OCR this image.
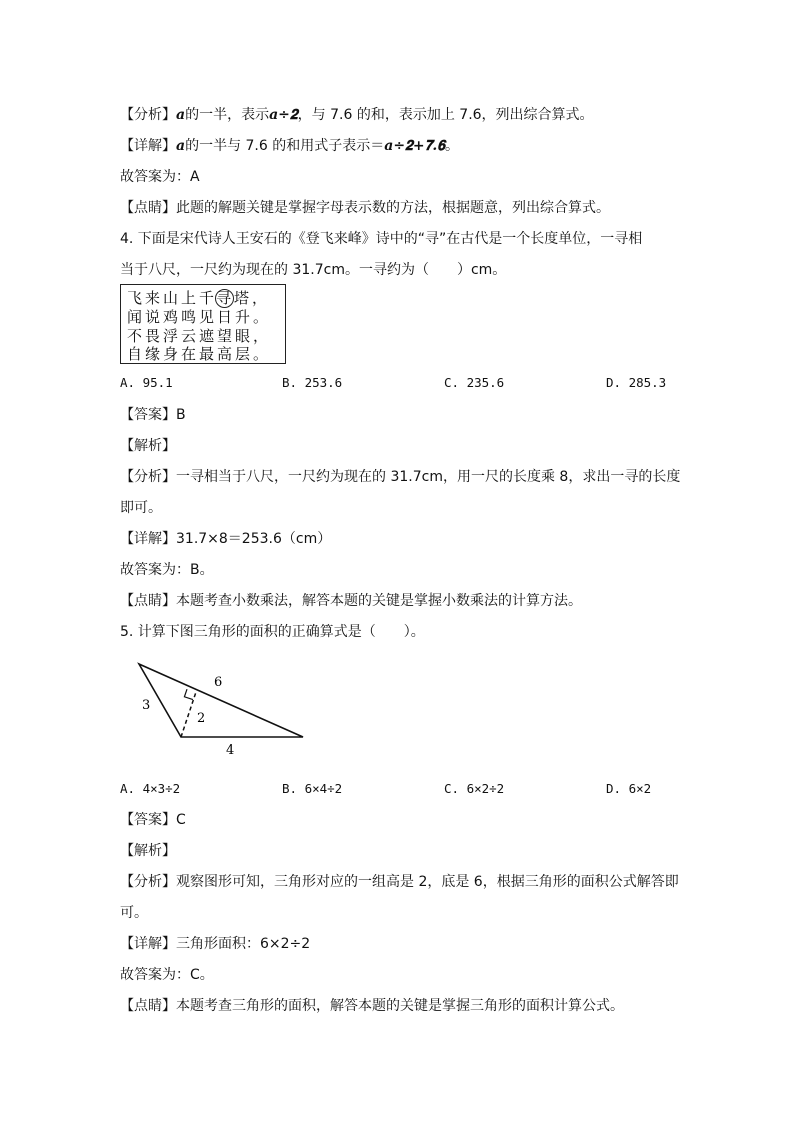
【分析】𝒂的一半，表示𝒂÷𝟐，与 7.6 的和，表示加上 7.6，列出综合算式。
【详解】𝒂的一半与 7.6 的和用式子表示＝𝒂÷𝟐+𝟕.𝟔。
故答案为：A
【点睛】此题的解题关键是掌握字母表示数的方法，根据题意，列出综合算式。
4. 下面是宋代诗人王安石的《登飞来峰》诗中的“寻”在古代是一个长度单位，一寻相
当于八尺，一尺约为现在的 31.7cm。一寻约为（　　）cm。
飞来山上千寻塔，
闻说鸡鸣见日升。
不畏浮云遮望眼，
自缘身在最高层。
A. 95.1	B. 253.6	C. 235.6	D. 285.3
【答案】B
【解析】
【分析】一寻相当于八尺，一尺约为现在的 31.7cm，用一尺的长度乘 8，求出一寻的长度
即可。
【详解】31.7×8＝253.6（cm）
故答案为：B。
【点睛】本题考查小数乘法，解答本题的关键是掌握小数乘法的计算方法。
5. 计算下图三角形的面积的正确算式是（　　）。
3
6
2
4
A. 4×3÷2	B. 6×4÷2	C. 6×2÷2	D. 6×2
【答案】C
【解析】
【分析】观察图形可知，三角形对应的一组高是 2，底是 6，根据三角形的面积公式解答即
可。
【详解】三角形面积：6×2÷2
故答案为：C。
【点睛】本题考查三角形的面积，解答本题的关键是掌握三角形的面积计算公式。
